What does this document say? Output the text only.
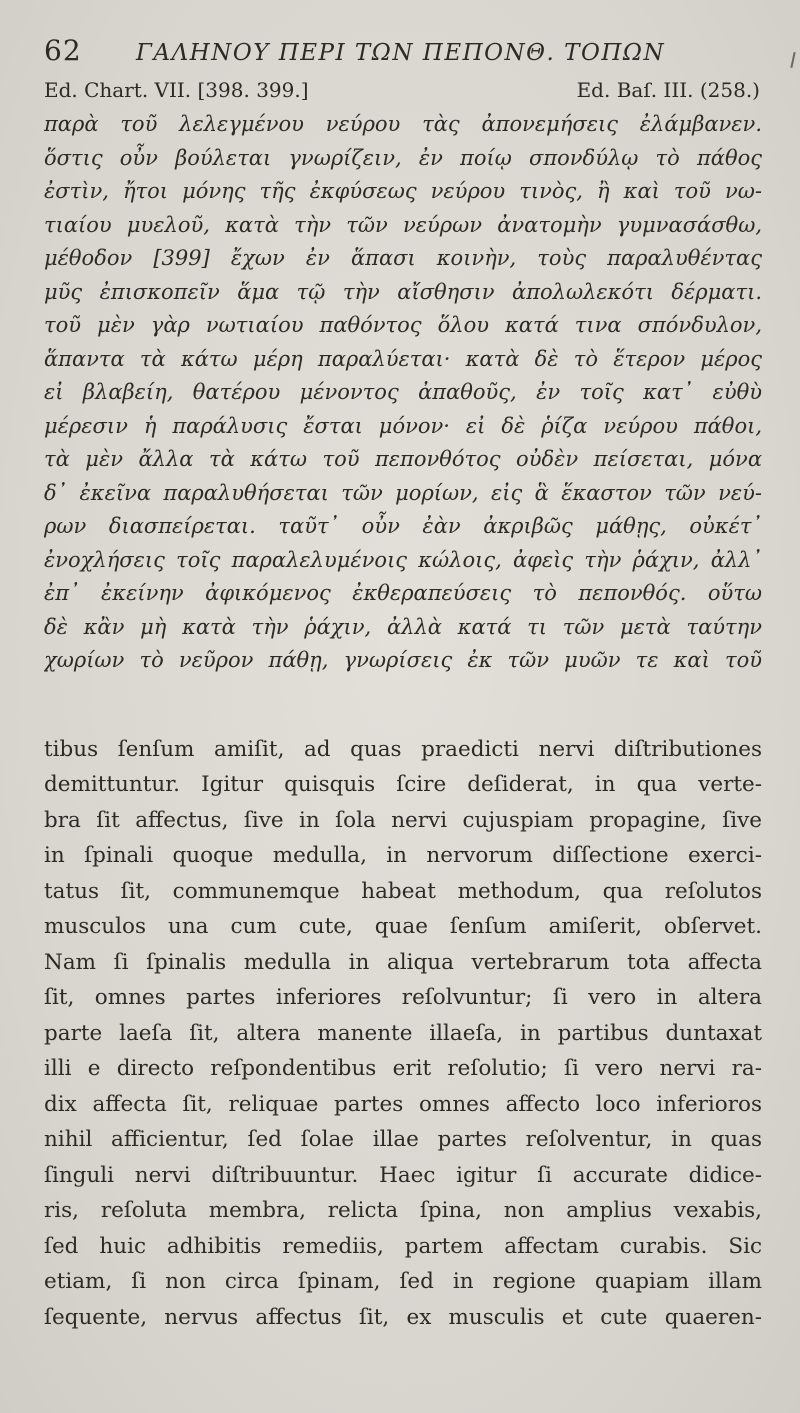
62	ΓΑΛΗΝΟΥ ΠΕΡΙ ΤΩΝ ΠΕΠΟΝΘ. ΤΟΠΩΝ
Ed. Chart. VII. [398. 399.]	Ed. Baſ. III. (258.)
παρὰ τοῦ λελεγμένου νεύρου τὰς ἀπονεμήσεις ἐλάμβανεν.
ὅστις οὖν βούλεται γνωρίζειν, ἐν ποίῳ σπονδύλῳ τὸ πάθος
ἐστὶν, ἤτοι μόνης τῆς ἐκφύσεως νεύρου τινὸς, ἢ καὶ τοῦ νω-
τιαίου μυελοῦ, κατὰ τὴν τῶν νεύρων ἀνατομὴν γυμνασάσθω,
μέθοδον [399] ἔχων ἐν ἅπασι κοινὴν, τοὺς παραλυθέντας
μῦς ἐπισκοπεῖν ἅμα τῷ τὴν αἴσθησιν ἀπολωλεκότι δέρματι.
τοῦ μὲν γὰρ νωτιαίου παθόντος ὅλου κατά τινα σπόνδυλον,
ἅπαντα τὰ κάτω μέρη παραλύεται· κατὰ δὲ τὸ ἕτερον μέρος
εἰ βλαβείη, θατέρου μένοντος ἀπαθοῦς, ἐν τοῖς κατ᾽ εὐθὺ
μέρεσιν ἡ παράλυσις ἔσται μόνον· εἰ δὲ ῥίζα νεύρου πάθοι,
τὰ μὲν ἄλλα τὰ κάτω τοῦ πεπονθότος οὐδὲν πείσεται, μόνα
δ᾽ ἐκεῖνα παραλυθήσεται τῶν μορίων, εἰς ἃ ἕκαστον τῶν νεύ-
ρων διασπείρεται. ταῦτ᾽ οὖν ἐὰν ἀκριβῶς μάθῃς, οὐκέτ᾽
ἐνοχλήσεις τοῖς παραλελυμένοις κώλοις, ἀφεὶς τὴν ῥάχιν, ἀλλ᾽
ἐπ᾽ ἐκείνην ἀφικόμενος ἐκθεραπεύσεις τὸ πεπονθός. οὕτω
δὲ κἂν μὴ κατὰ τὴν ῥάχιν, ἀλλὰ κατά τι τῶν μετὰ ταύτην
χωρίων τὸ νεῦρον πάθῃ, γνωρίσεις ἐκ τῶν μυῶν τε καὶ τοῦ
tibus ſenſum amiſit, ad quas praedicti nervi diſtributiones
demittuntur. Igitur quisquis ſcire deſiderat, in qua verte-
bra ſit affectus, ſive in ſola nervi cujuspiam propagine, ſive
in ſpinali quoque medulla, in nervorum diſſectione exerci-
tatus ſit, communemque habeat methodum, qua reſolutos
musculos una cum cute, quae ſenſum amiſerit, obſervet.
Nam ſi ſpinalis medulla in aliqua vertebrarum tota affecta
ſit, omnes partes inferiores reſolvuntur; ſi vero in altera
parte laeſa ſit, altera manente illaeſa, in partibus duntaxat
illi e directo reſpondentibus erit reſolutio; ſi vero nervi ra-
dix affecta ſit, reliquae partes omnes affecto loco inferioros
nihil afficientur, ſed ſolae illae partes reſolventur, in quas
ſinguli nervi diſtribuuntur. Haec igitur ſi accurate didice-
ris, reſoluta membra, relicta ſpina, non amplius vexabis,
ſed huic adhibitis remediis, partem affectam curabis. Sic
etiam, ſi non circa ſpinam, ſed in regione quapiam illam
ſequente, nervus affectus ſit, ex musculis et cute quaeren-
